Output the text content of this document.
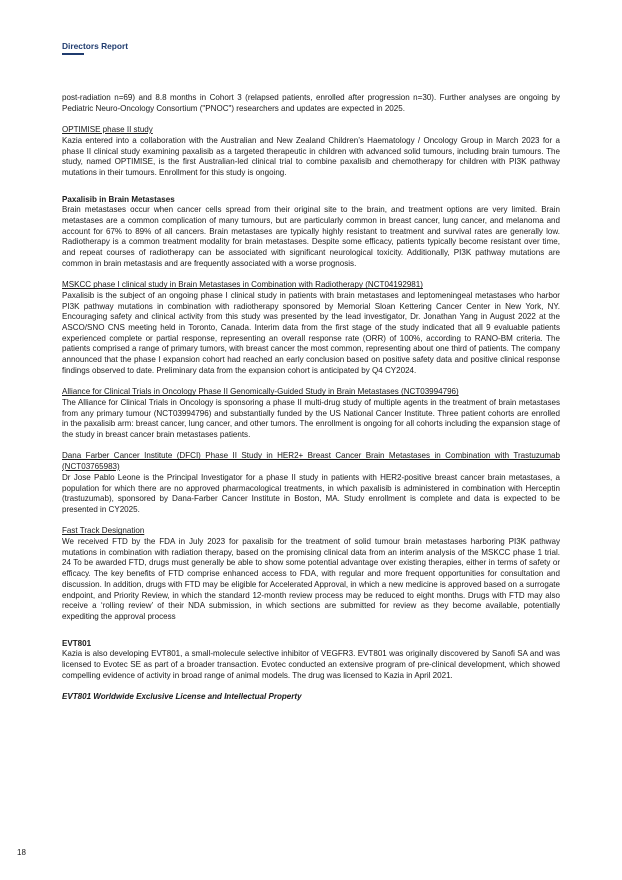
Directors Report

post-radiation n=69) and 8.8 months in Cohort 3 (relapsed patients, enrolled after progression n=30). Further analyses are ongoing by Pediatric Neuro-Oncology Consortium ("PNOC") researchers and updates are expected in 2025.

OPTIMISE phase II study

Kazia entered into a collaboration with the Australian and New Zealand Children’s Haematology / Oncology Group in March 2023 for a phase II clinical study examining paxalisib as a targeted therapeutic in children with advanced solid tumours, including brain tumours. The study, named OPTIMISE, is the first Australian-led clinical trial to combine paxalisib and chemotherapy for children with PI3K pathway mutations in their tumours. Enrollment for this study is ongoing.

Paxalisib in Brain Metastases

Brain metastases occur when cancer cells spread from their original site to the brain, and treatment options are very limited. Brain metastases are a common complication of many tumours, but are particularly common in breast cancer, lung cancer, and melanoma and account for 67% to 89% of all cancers. Brain metastases are typically highly resistant to treatment and survival rates are generally low. Radiotherapy is a common treatment modality for brain metastases. Despite some efficacy, patients typically become resistant over time, and repeat courses of radiotherapy can be associated with significant neurological toxicity. Additionally, PI3K pathway mutations are common in brain metastasis and are frequently associated with a worse prognosis.

MSKCC phase I clinical study in Brain Metastases in Combination with Radiotherapy (NCT04192981)

Paxalisib is the subject of an ongoing phase I clinical study in patients with brain metastases and leptomeningeal metastases who harbor PI3K pathway mutations in combination with radiotherapy sponsored by Memorial Sloan Kettering Cancer Center in New York, NY. Encouraging safety and clinical activity from this study was presented by the lead investigator, Dr. Jonathan Yang in August 2022 at the ASCO/SNO CNS meeting held in Toronto, Canada. Interim data from the first stage of the study indicated that all 9 evaluable patients experienced complete or partial response, representing an overall response rate (ORR) of 100%, according to RANO-BM criteria. The patients comprised a range of primary tumors, with breast cancer the most common, representing about one third of patients. The company announced that the phase I expansion cohort had reached an early conclusion based on positive safety data and positive clinical response findings observed to date. Preliminary data from the expansion cohort is anticipated by Q4 CY2024.

Alliance for Clinical Trials in Oncology Phase II Genomically-Guided Study in Brain Metastases (NCT03994796)

The Alliance for Clinical Trials in Oncology is sponsoring a phase II multi-drug study of multiple agents in the treatment of brain metastases from any primary tumour (NCT03994796) and substantially funded by the US National Cancer Institute. Three patient cohorts are enrolled in the paxalisib arm: breast cancer, lung cancer, and other tumors. The enrollment is ongoing for all cohorts including the expansion stage of the study in breast cancer brain metastases patients.

Dana Farber Cancer Institute (DFCI) Phase II Study in HER2+ Breast Cancer Brain Metastases in Combination with Trastuzumab (NCT03765983)

Dr Jose Pablo Leone is the Principal Investigator for a phase II study in patients with HER2-positive breast cancer brain metastases, a population for which there are no approved pharmacological treatments, in which paxalisib is administered in combination with Herceptin (trastuzumab), sponsored by Dana-Farber Cancer Institute in Boston, MA. Study enrollment is complete and data is expected to be presented in CY2025.

Fast Track Designation

We received FTD by the FDA in July 2023 for paxalisib for the treatment of solid tumour brain metastases harboring PI3K pathway mutations in combination with radiation therapy, based on the promising clinical data from an interim analysis of the MSKCC phase 1 trial. 24 To be awarded FTD, drugs must generally be able to show some potential advantage over existing therapies, either in terms of safety or efficacy. The key benefits of FTD comprise enhanced access to FDA, with regular and more frequent opportunities for consultation and discussion. In addition, drugs with FTD may be eligible for Accelerated Approval, in which a new medicine is approved based on a surrogate endpoint, and Priority Review, in which the standard 12-month review process may be reduced to eight months. Drugs with FTD may also receive a ‘rolling review’ of their NDA submission, in which sections are submitted for review as they become available, potentially expediting the approval process

EVT801

Kazia is also developing EVT801, a small-molecule selective inhibitor of VEGFR3. EVT801 was originally discovered by Sanofi SA and was licensed to Evotec SE as part of a broader transaction. Evotec conducted an extensive program of pre-clinical development, which showed compelling evidence of activity in broad range of animal models. The drug was licensed to Kazia in April 2021.

EVT801 Worldwide Exclusive License and Intellectual Property

18
